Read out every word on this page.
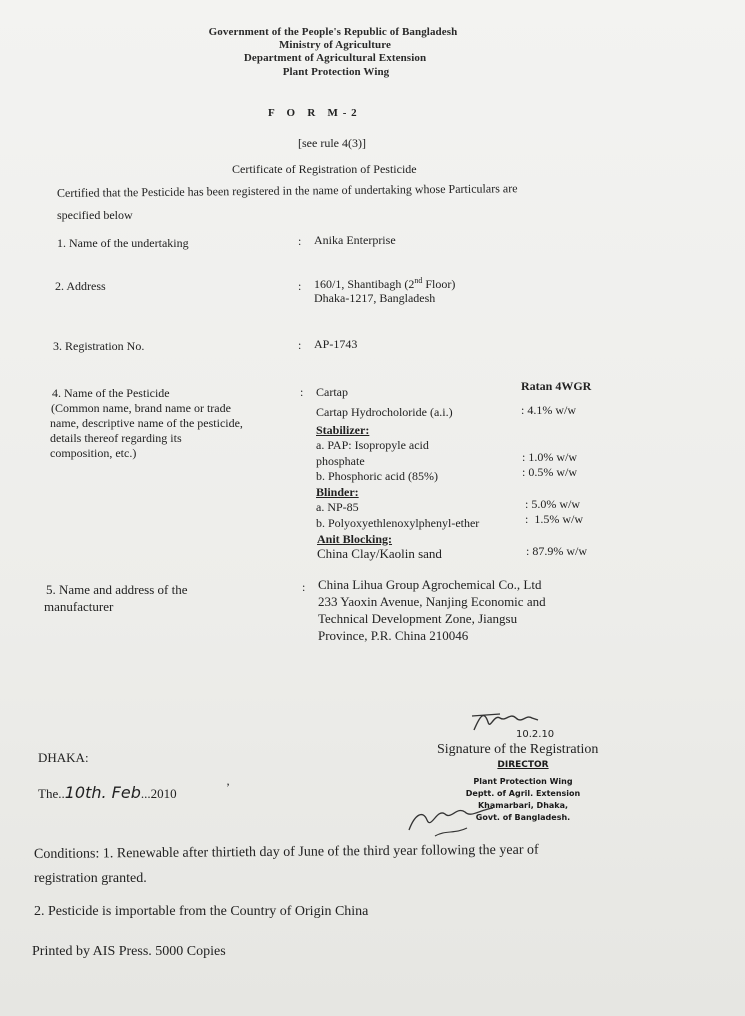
Government of the People's Republic of Bangladesh
Ministry of Agriculture
Department of Agricultural Extension
Plant Protection Wing
F   O   R   M - 2
[see rule 4(3)]
Certificate of Registration of Pesticide
Certified that the Pesticide has been registered in the name of undertaking whose Particulars are
specified below
1. Name of the undertaking	: Anika Enterprise
2. Address	: 160/1, Shantibagh (2nd Floor)
Dhaka-1217, Bangladesh
3. Registration No.	: AP-1743
4. Name of the Pesticide
(Common name, brand name or trade
name, descriptive name of the pesticide,
details thereof regarding its
composition, etc.)
: Cartap	Ratan 4WGR
Cartap Hydrocholoride (a.i.)	: 4.1% w/w
Stabilizer:
a. PAP: Isopropyle acid
phosphate	: 1.0% w/w
b. Phosphoric acid (85%)	: 0.5% w/w
Blinder:
a. NP-85	: 5.0% w/w
b. Polyoxyethlenoxylphenyl-ether	:  1.5% w/w
Anit Blocking:
China Clay/Kaolin sand	: 87.9% w/w
5. Name and address of the
manufacturer
: China Lihua Group Agrochemical Co., Ltd
233 Yaoxin Avenue, Nanjing Economic and
Technical Development Zone, Jiangsu
Province, P.R. China 210046
10.2.10
Signature of the Registration
DIRECTOR
Plant Protection Wing
Deptt. of Agril. Extension
Khamarbari, Dhaka,
Govt. of Bangladesh.
DHAKA:
The..10th. Feb...2010	’
Conditions: 1. Renewable after thirtieth day of June of the third year following the year of
registration granted.
2. Pesticide is importable from the Country of Origin China
Printed by AIS Press. 5000 Copies
